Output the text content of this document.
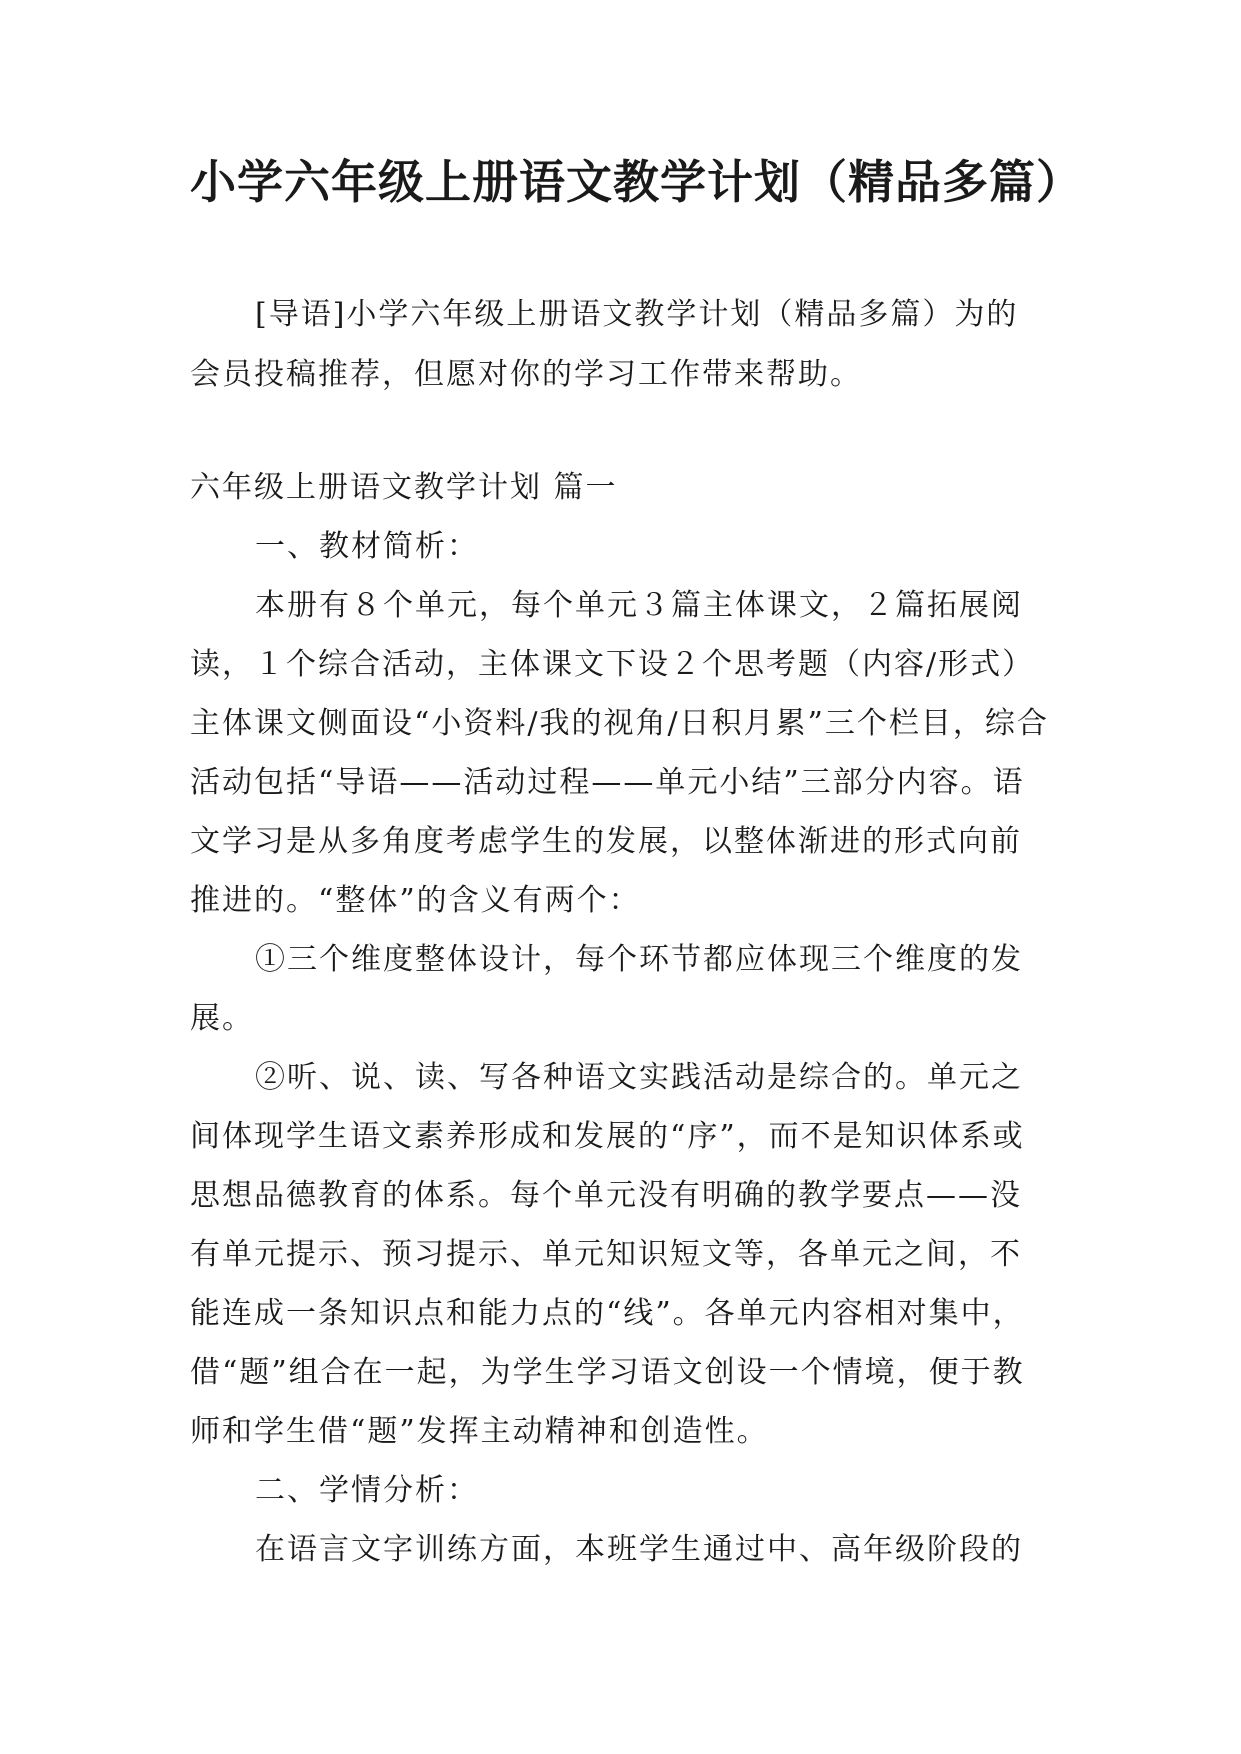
小学六年级上册语文教学计划（精品多篇）

[导语]小学六年级上册语文教学计划（精品多篇）为的会员投稿推荐，但愿对你的学习工作带来帮助。

六年级上册语文教学计划 篇一

一、教材简析：

本册有８个单元，每个单元３篇主体课文，２篇拓展阅读，１个综合活动，主体课文下设２个思考题（内容/形式）主体课文侧面设“小资料/我的视角/日积月累”三个栏目，综合活动包括“导语——活动过程——单元小结”三部分内容。语文学习是从多角度考虑学生的发展，以整体渐进的形式向前推进的。“整体”的含义有两个：

①三个维度整体设计，每个环节都应体现三个维度的发展。

②听、说、读、写各种语文实践活动是综合的。单元之间体现学生语文素养形成和发展的“序”，而不是知识体系或思想品德教育的体系。每个单元没有明确的教学要点——没有单元提示、预习提示、单元知识短文等，各单元之间，不能连成一条知识点和能力点的“线”。各单元内容相对集中，借“题”组合在一起，为学生学习语文创设一个情境，便于教师和学生借“题”发挥主动精神和创造性。

二、学情分析：

在语言文字训练方面，本班学生通过中、高年级阶段的
